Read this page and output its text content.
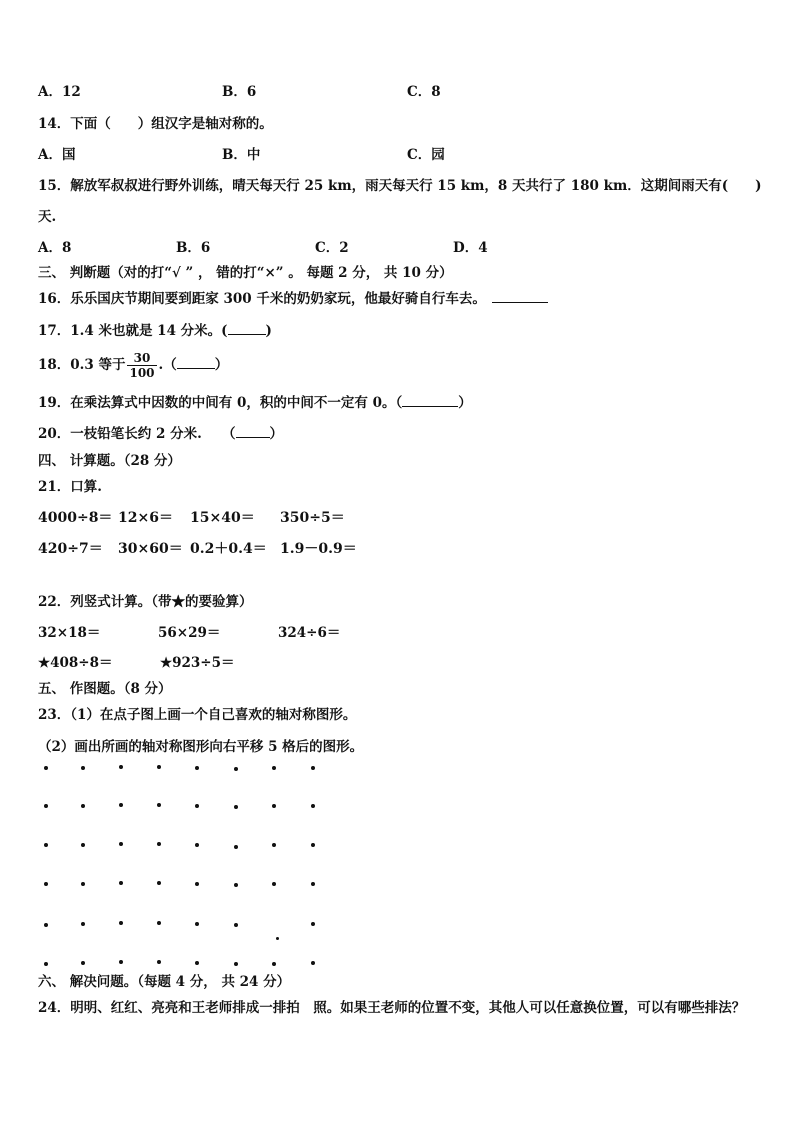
A．12	B．6	C．8
14．下面（　　）组汉字是轴对称的。
A．国	B．中	C．园
15．解放军叔叔进行野外训练，晴天每天行 25 km，雨天每天行 15 km，8 天共行了 180 km．这期间雨天有(　　)
天.
A．8	B．6	C．2	D．4
三、 判断题（对的打“√ ” ， 错的打“×” 。 每题 2 分， 共 10 分）
16．乐乐国庆节期间要到距家 300 千米的奶奶家玩，他最好骑自行车去。
17．1.4 米也就是 14 分米。(	)
18．0.3 等于 $\frac{30}{100}$ .（	）
19．在乘法算式中因数的中间有 0，积的中间不一定有 0。（	）
20．一枝铅笔长约 2 分米.　　（	）
四、 计算题。（28 分）
21．口算.
4000÷8＝ 12×6＝ 15×40＝ 350÷5＝
420÷7＝ 30×60＝ 0.2＋0.4＝ 1.9－0.9＝
22．列竖式计算。（带★的要验算）
32×18＝	56×29＝	324÷6＝
★408÷8＝	★923÷5＝
五、 作图题。（8 分）
23．（1）在点子图上画一个自己喜欢的轴对称图形。
（2）画出所画的轴对称图形向右平移 5 格后的图形。
六、 解决问题。（每题 4 分， 共 24 分）
24．明明、红红、亮亮和王老师排成一排拍　照。如果王老师的位置不变，其他人可以任意换位置，可以有哪些排法？
